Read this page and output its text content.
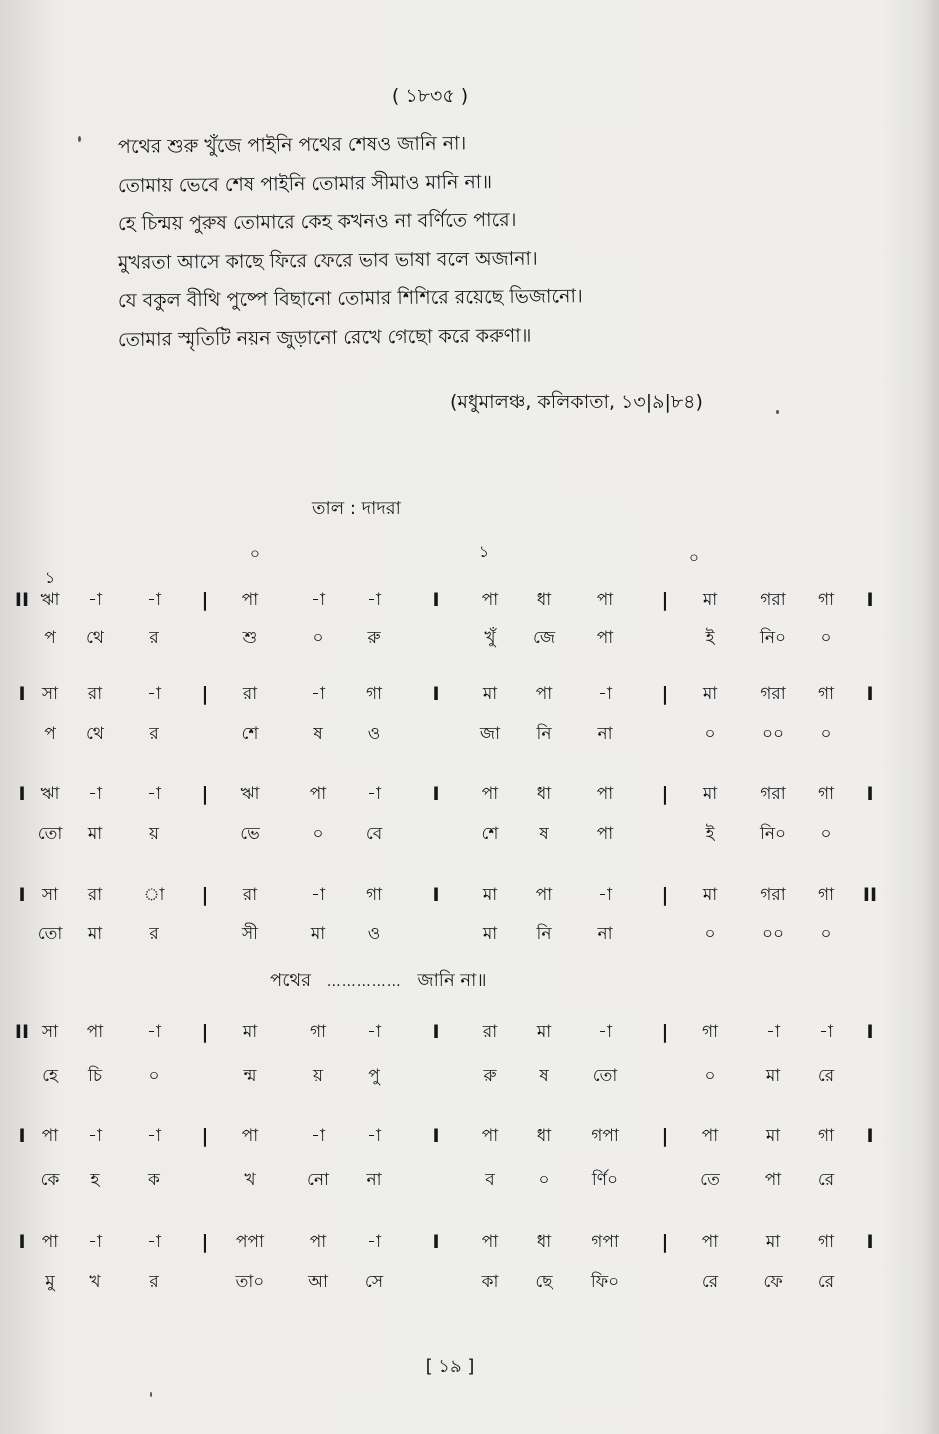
( ১৮৩৫ )
পথের শুরু খুঁজে পাইনি পথের শেষও জানি না।
তোমায় ভেবে শেষ পাইনি তোমার সীমাও মানি না॥
হে চিন্ময় পুরুষ তোমারে কেহ কখনও না বর্ণিতে পারে।
মুখরতা আসে কাছে ফিরে ফেরে ভাব ভাষা বলে অজানা।
যে বকুল বীথি পুষ্পে বিছানো তোমার শিশিরে রয়েছে ভিজানো।
তোমার স্মৃতিটি নয়ন জুড়ানো রেখে গেছো করে করুণা॥
(মধুমালঞ্চ, কলিকাতা, ১৩|৯|৮৪)
তাল : দাদরা
০	১	০
১
II ঋা -া	-া | পা	-া -া	I পা ধা	পা	| মা	গরা গা I
প থে	র	শু	০	রু	খুঁ জে পা	ই	নি০ ০
I সা রা	-া | রা	-া গা	I	মা পা	-া	| মা	গরা গা I
প থে	র	শে	ষ	ও	জা নি	না	০	০০ ০
I ঋা -া	-া | ঋা	পা -া	I পা ধা	পা	| মা	গরা গা I
তো মা	য়	ভে	০ বে	শে ষ	পা	ই	নি০ ০
I সা রা া | রা	-া গা	I	মা পা	-া	| মা	গরা গা II
তো মা	র	সী	মা	ও	মা নি	না	০	০০ ০
II সা পা	-া | মা	গা -া	I	রা মা	-া	| গা	-া -া I
হে চি	০	ন্ম	য়	পু	রু	ষ	তো	০	মা রে
I পা -া	-া | পা	-া -া	I পা ধা গপা | পা	মা গা I
কে হ	ক	খ	নো না	ব	০ র্ণি০	তে	পা রে
I পা -া	-া | পপা	পা -া	I পা ধা গপা | পা	মা গা I
মু খ	র	তা০	আ সে	কা ছে ফি০	রে	ফে রে
পথের …………… জানি না॥
[ ১৯ ]
